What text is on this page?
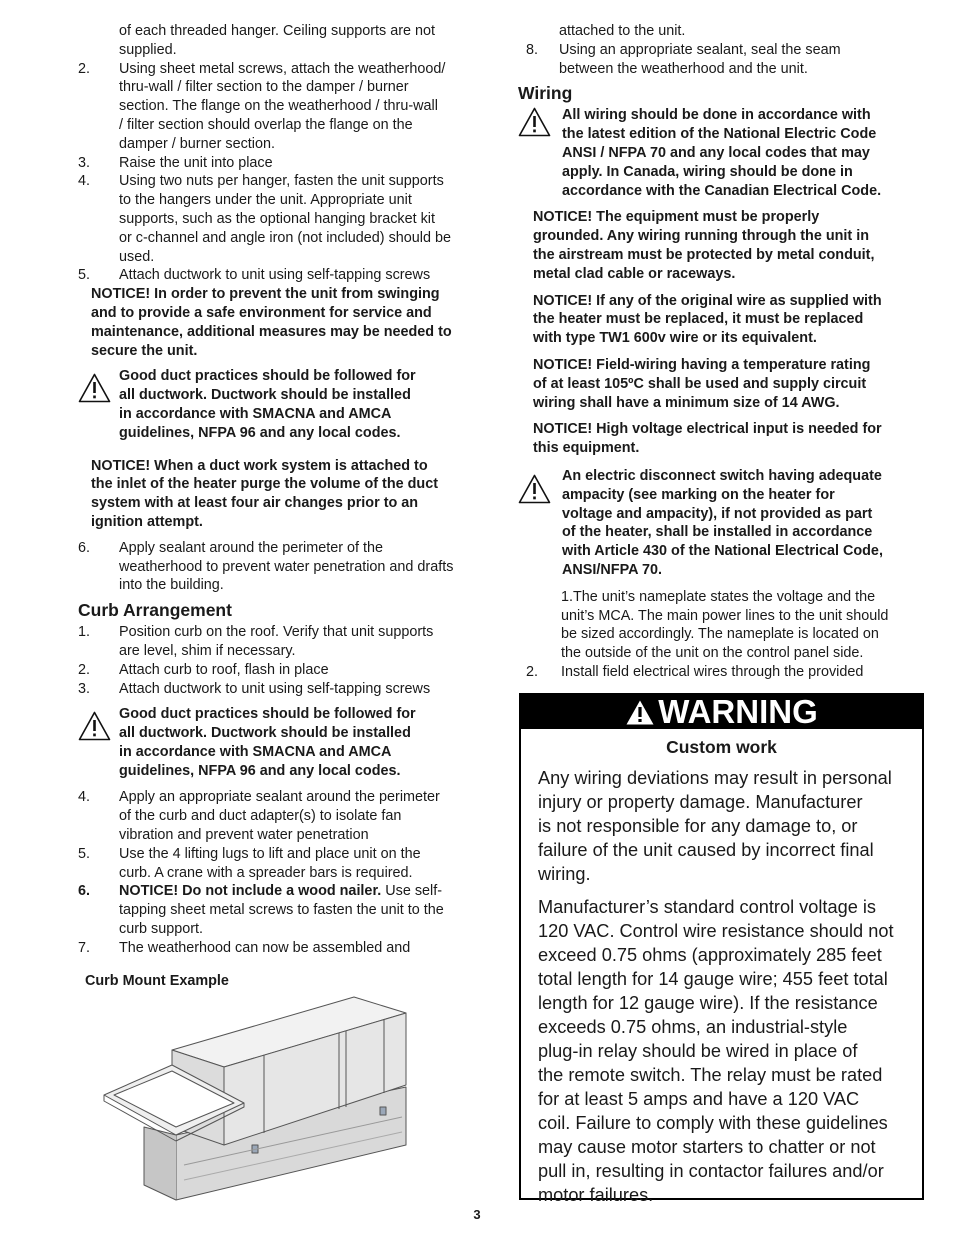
of each threaded hanger. Ceiling supports are not
supplied.
2.	Using sheet metal screws, attach the weatherhood/
thru-wall / filter section to the damper / burner
section. The flange on the weatherhood / thru-wall
/ filter section should overlap the flange on the
damper / burner section.
3.	Raise the unit into place
4.	Using two nuts per hanger, fasten the unit supports
to the hangers under the unit. Appropriate unit
supports, such as the optional hanging bracket kit
or c-channel and angle iron (not included) should be
used.
5.	Attach ductwork to unit using self-tapping screws
NOTICE! In order to prevent the unit from swinging
and to provide a safe environment for service and
maintenance, additional measures may be needed to
secure the unit.
Good duct practices should be followed for
all ductwork. Ductwork should be installed
in accordance with SMACNA and AMCA
guidelines, NFPA 96 and any local codes.
NOTICE! When a duct work system is attached to
the inlet of the heater purge the volume of the duct
system with at least four air changes prior to an
ignition attempt.
6.	Apply sealant around the perimeter of the
weatherhood to prevent water penetration and drafts
into the building.
Curb Arrangement
1.	Position curb on the roof. Verify that unit supports
are level, shim if necessary.
2.	Attach curb to roof, flash in place
3.	Attach ductwork to unit using self-tapping screws
Good duct practices should be followed for
all ductwork. Ductwork should be installed
in accordance with SMACNA and AMCA
guidelines, NFPA 96 and any local codes.
4.	Apply an appropriate sealant around the perimeter
of the curb and duct adapter(s) to isolate fan
vibration and prevent water penetration
5.	Use the 4 lifting lugs to lift and place unit on the
curb. A crane with a spreader bars is required.
6.	NOTICE! Do not include a wood nailer. Use self-
tapping sheet metal screws to fasten the unit to the
curb support.
7.	The weatherhood can now be assembled and
Curb Mount Example
attached to the unit.
8.	Using an appropriate sealant, seal the seam
between the weatherhood and the unit.
Wiring
All wiring should be done in accordance with
the latest edition of the National Electric Code
ANSI / NFPA 70 and any local codes that may
apply. In Canada, wiring should be done in
accordance with the Canadian Electrical Code.
NOTICE! The equipment must be properly
grounded. Any wiring running through the unit in
the airstream must be protected by metal conduit,
metal clad cable or raceways.
NOTICE! If any of the original wire as supplied with
the heater must be replaced, it must be replaced
with type TW1 600v wire or its equivalent.
NOTICE! Field-wiring having a temperature rating
of at least 105ºC shall be used and supply circuit
wiring shall have a minimum size of 14 AWG.
NOTICE! High voltage electrical input is needed for
this equipment.
An electric disconnect switch having adequate
ampacity (see marking on the heater for
voltage and ampacity), if not provided as part
of the heater, shall be installed in accordance
with Article 430 of the National Electrical Code,
ANSI/NFPA 70.
1.The unit’s nameplate states the voltage and the
unit’s MCA. The main power lines to the unit should
be sized accordingly. The nameplate is located on
the outside of the unit on the control panel side.
2.	Install field electrical wires through the provided
WARNING
Custom work
Any wiring deviations may result in personal
injury or property damage. Manufacturer
is not responsible for any damage to, or
failure of the unit caused by incorrect final
wiring.
Manufacturer’s standard control voltage is
120 VAC. Control wire resistance should not
exceed 0.75 ohms (approximately 285 feet
total length for 14 gauge wire; 455 feet total
length for 12 gauge wire). If the resistance
exceeds 0.75 ohms, an industrial-style
plug-in relay should be wired in place of
the remote switch. The relay must be rated
for at least 5 amps and have a 120 VAC
coil. Failure to comply with these guidelines
may cause motor starters to chatter or not
pull in, resulting in contactor failures and/or
motor failures.
3
